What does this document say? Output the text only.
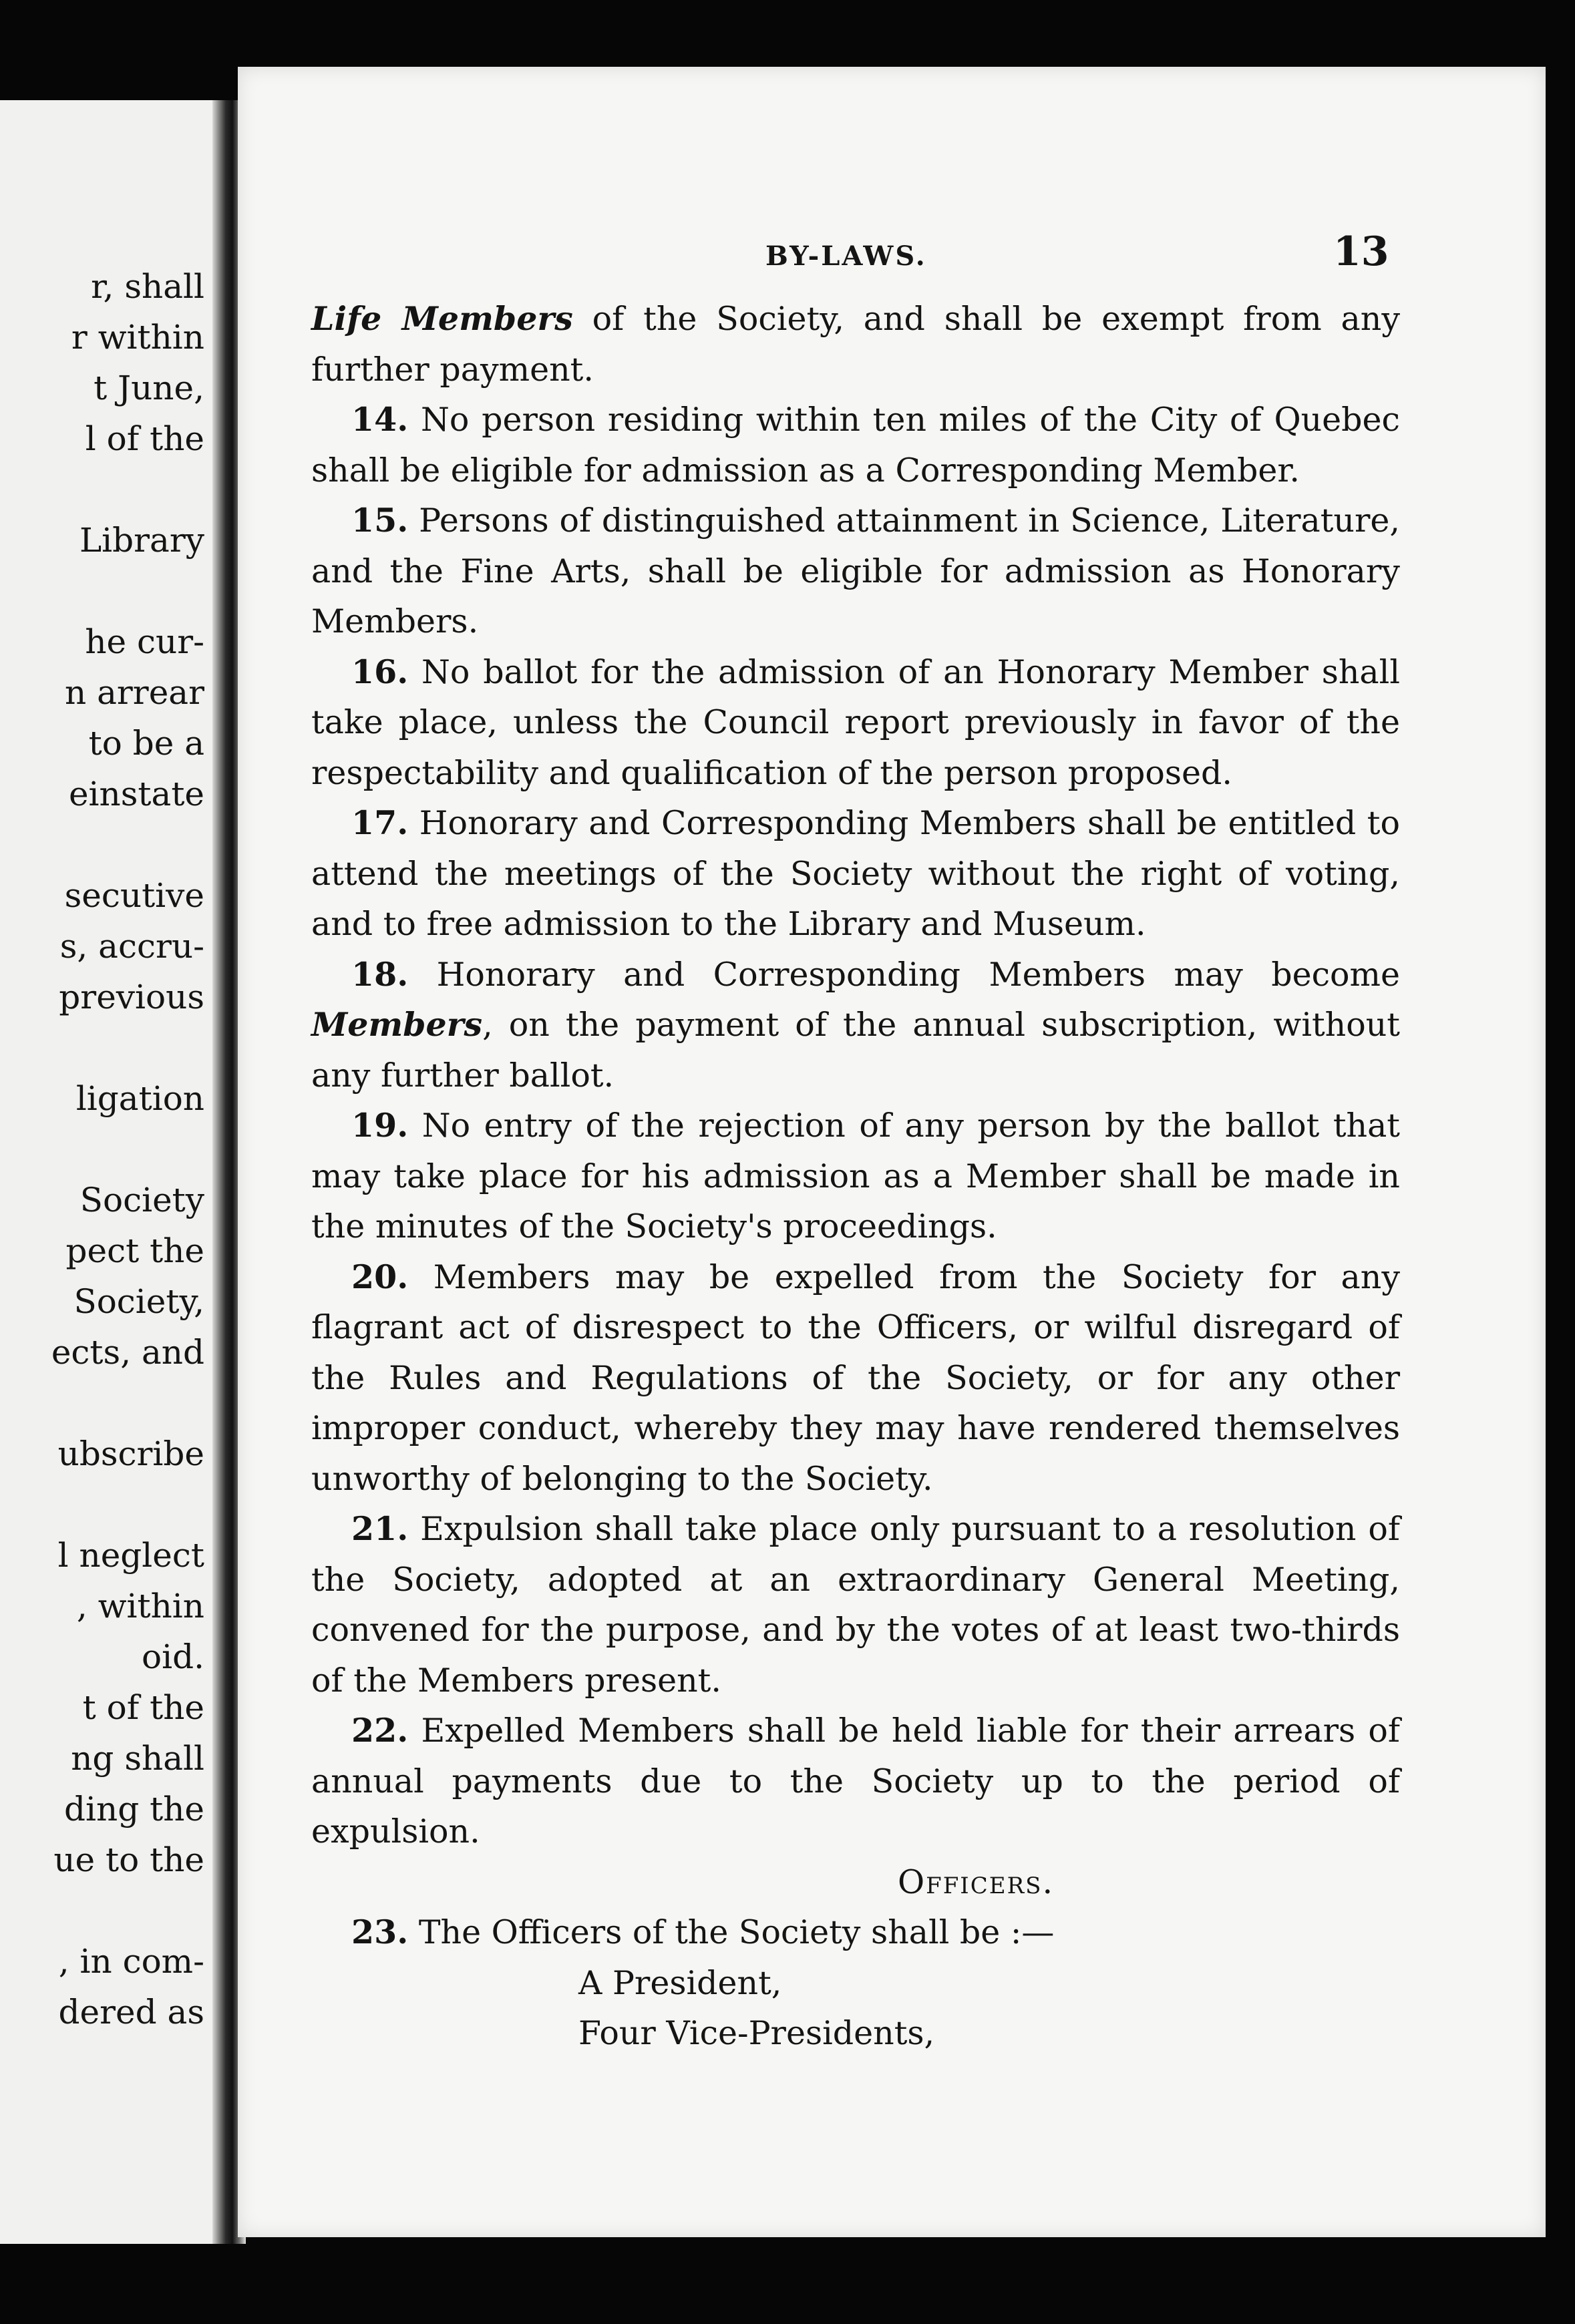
r, shall
r within
t June,
l of the
Library
he cur-
n arrear
to be a
einstate
secutive
s, accru-
previous
ligation
Society
pect the
Society,
ects, and
ubscribe
l neglect
, within
oid.
t of the
ng shall
ding the
ue to the
, in com-
dered as
BY-LAWS.	13

Life Members of the Society, and shall be exempt from any further payment.

14. No person residing within ten miles of the City of Quebec shall be eligible for admission as a Corresponding Member.

15. Persons of distinguished attainment in Science, Literature, and the Fine Arts, shall be eligible for admission as Honorary Members.

16. No ballot for the admission of an Honorary Member shall take place, unless the Council report previously in favor of the respectability and qualification of the person proposed.

17. Honorary and Corresponding Members shall be entitled to attend the meetings of the Society without the right of voting, and to free admission to the Library and Museum.

18. Honorary and Corresponding Members may become Members, on the payment of the annual subscription, without any further ballot.

19. No entry of the rejection of any person by the ballot that may take place for his admission as a Member shall be made in the minutes of the Society's proceedings.

20. Members may be expelled from the Society for any flagrant act of disrespect to the Officers, or wilful disregard of the Rules and Regulations of the Society, or for any other improper conduct, whereby they may have rendered themselves unworthy of belonging to the Society.

21. Expulsion shall take place only pursuant to a resolution of the Society, adopted at an extraordinary General Meeting, convened for the purpose, and by the votes of at least two-thirds of the Members present.

22. Expelled Members shall be held liable for their arrears of annual payments due to the Society up to the period of expulsion.

Officers.

23. The Officers of the Society shall be :—

A President,

Four Vice-Presidents,
